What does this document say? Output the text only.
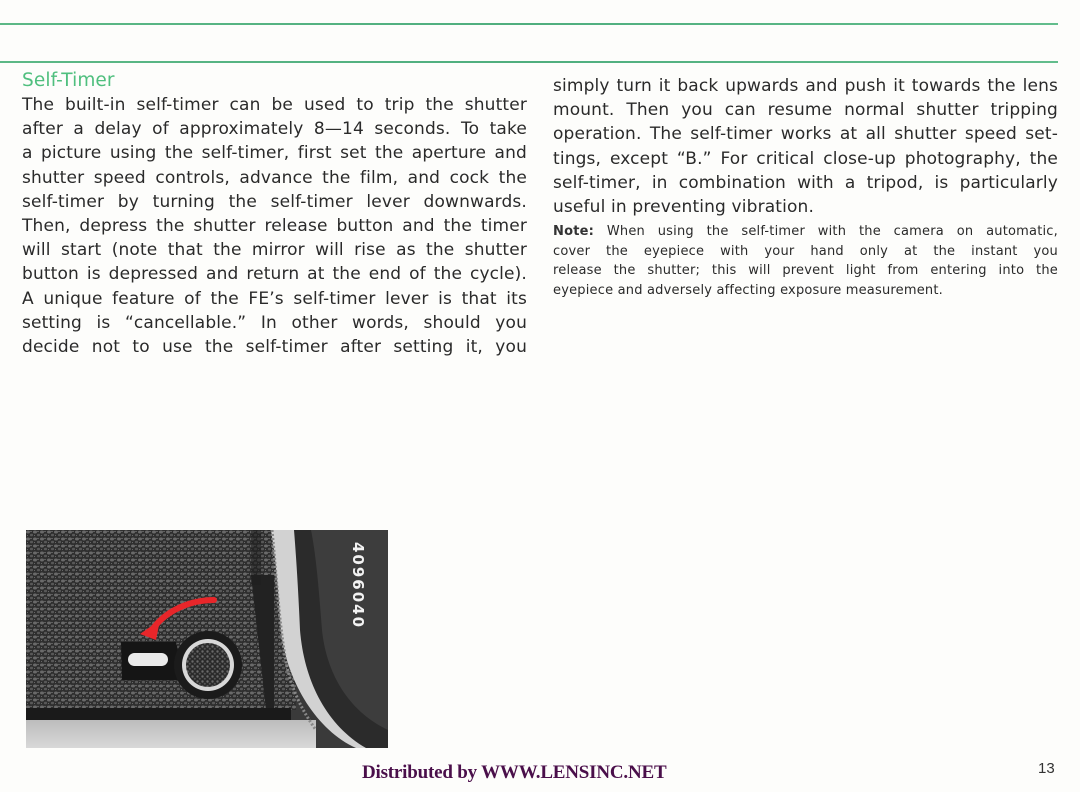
Self-Timer
The built-in self-timer can be used to trip the shutter
after a delay of approximately 8—14 seconds. To take
a picture using the self-timer, first set the aperture and
shutter speed controls, advance the film, and cock the
self-timer by turning the self-timer lever downwards.
Then, depress the shutter release button and the timer
will start (note that the mirror will rise as the shutter
button is depressed and return at the end of the cycle).
A unique feature of the FE’s self-timer lever is that its
setting is “cancellable.” In other words, should you
decide not to use the self-timer after setting it, you
simply turn it back upwards and push it towards the lens
mount. Then you can resume normal shutter tripping
operation. The self-timer works at all shutter speed set-
tings, except “B.” For critical close-up photography, the
self-timer, in combination with a tripod, is particularly
useful in preventing vibration.
Note: When using the self-timer with the camera on automatic,
cover the eyepiece with your hand only at the instant you
release the shutter; this will prevent light from entering into the
eyepiece and adversely affecting exposure measurement.
4096040
Distributed by WWW.LENSINC.NET	13
